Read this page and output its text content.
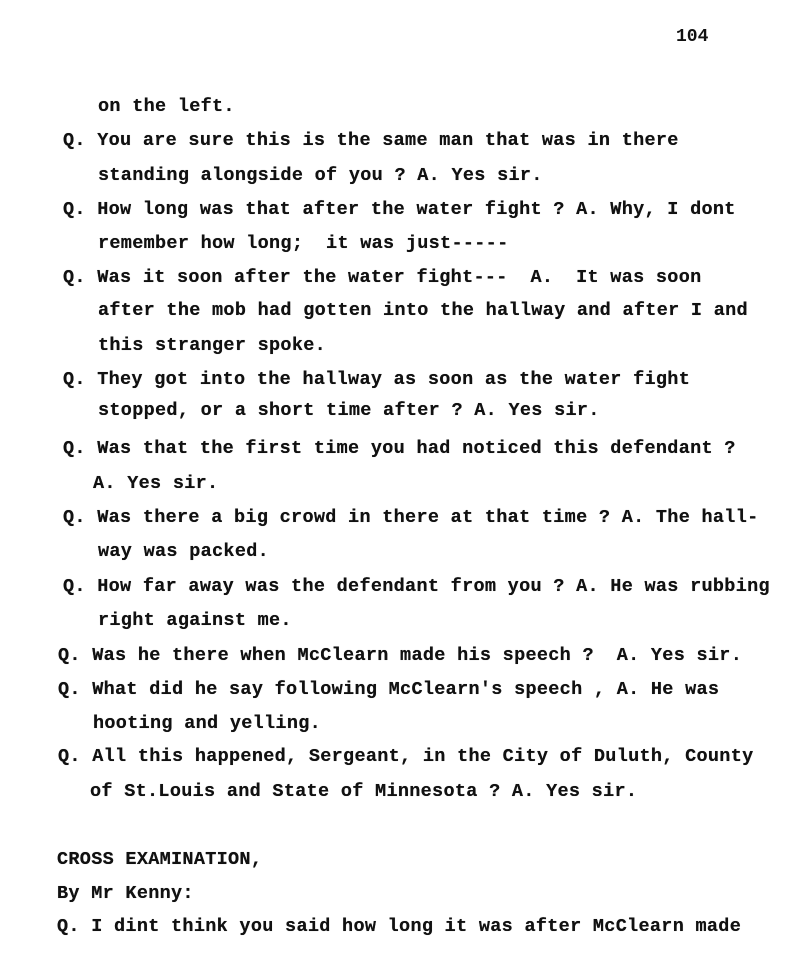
104
on the left.
Q. You are sure this is the same man that was in there
standing alongside of you ? A. Yes sir.
Q. How long was that after the water fight ? A. Why, I dont
remember how long;  it was just-----
Q. Was it soon after the water fight---  A.  It was soon
after the mob had gotten into the hallway and after I and
this stranger spoke.
Q. They got into the hallway as soon as the water fight
stopped, or a short time after ? A. Yes sir.
Q. Was that the first time you had noticed this defendant ?
A. Yes sir.
Q. Was there a big crowd in there at that time ? A. The hall-
way was packed.
Q. How far away was the defendant from you ? A. He was rubbing
right against me.
Q. Was he there when McClearn made his speech ?  A. Yes sir.
Q. What did he say following McClearn's speech , A. He was
hooting and yelling.
Q. All this happened, Sergeant, in the City of Duluth, County
of St.Louis and State of Minnesota ? A. Yes sir.
CROSS EXAMINATION,
By Mr Kenny:
Q. I dint think you said how long it was after McClearn made
